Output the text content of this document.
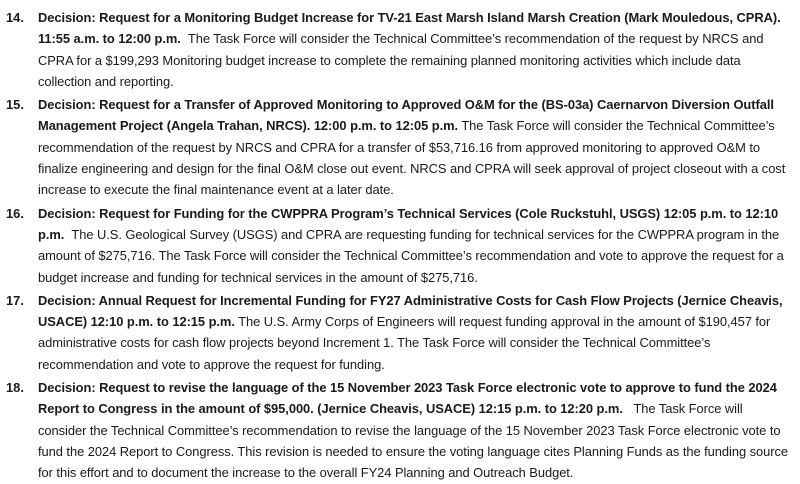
14.	Decision: Request for a Monitoring Budget Increase for TV-21 East Marsh Island Marsh Creation (Mark Mouledous, CPRA). 11:55 a.m. to 12:00 p.m. The Task Force will consider the Technical Committee’s recommendation of the request by NRCS and CPRA for a $199,293 Monitoring budget increase to complete the remaining planned monitoring activities which include data collection and reporting.
15.	Decision: Request for a Transfer of Approved Monitoring to Approved O&M for the (BS-03a) Caernarvon Diversion Outfall Management Project (Angela Trahan, NRCS). 12:00 p.m. to 12:05 p.m. The Task Force will consider the Technical Committee’s recommendation of the request by NRCS and CPRA for a transfer of $53,716.16 from approved monitoring to approved O&M to finalize engineering and design for the final O&M close out event. NRCS and CPRA will seek approval of project closeout with a cost increase to execute the final maintenance event at a later date.
16.	Decision: Request for Funding for the CWPPRA Program’s Technical Services (Cole Ruckstuhl, USGS) 12:05 p.m. to 12:10 p.m. The U.S. Geological Survey (USGS) and CPRA are requesting funding for technical services for the CWPPRA program in the amount of $275,716. The Task Force will consider the Technical Committee’s recommendation and vote to approve the request for a budget increase and funding for technical services in the amount of $275,716.
17.	Decision: Annual Request for Incremental Funding for FY27 Administrative Costs for Cash Flow Projects (Jernice Cheavis, USACE) 12:10 p.m. to 12:15 p.m. The U.S. Army Corps of Engineers will request funding approval in the amount of $190,457 for administrative costs for cash flow projects beyond Increment 1. The Task Force will consider the Technical Committee’s recommendation and vote to approve the request for funding.
18.	Decision: Request to revise the language of the 15 November 2023 Task Force electronic vote to approve to fund the 2024 Report to Congress in the amount of $95,000. (Jernice Cheavis, USACE) 12:15 p.m. to 12:20 p.m. The Task Force will consider the Technical Committee’s recommendation to revise the language of the 15 November 2023 Task Force electronic vote to fund the 2024 Report to Congress. This revision is needed to ensure the voting language cites Planning Funds as the funding source for this effort and to document the increase to the overall FY24 Planning and Outreach Budget.
